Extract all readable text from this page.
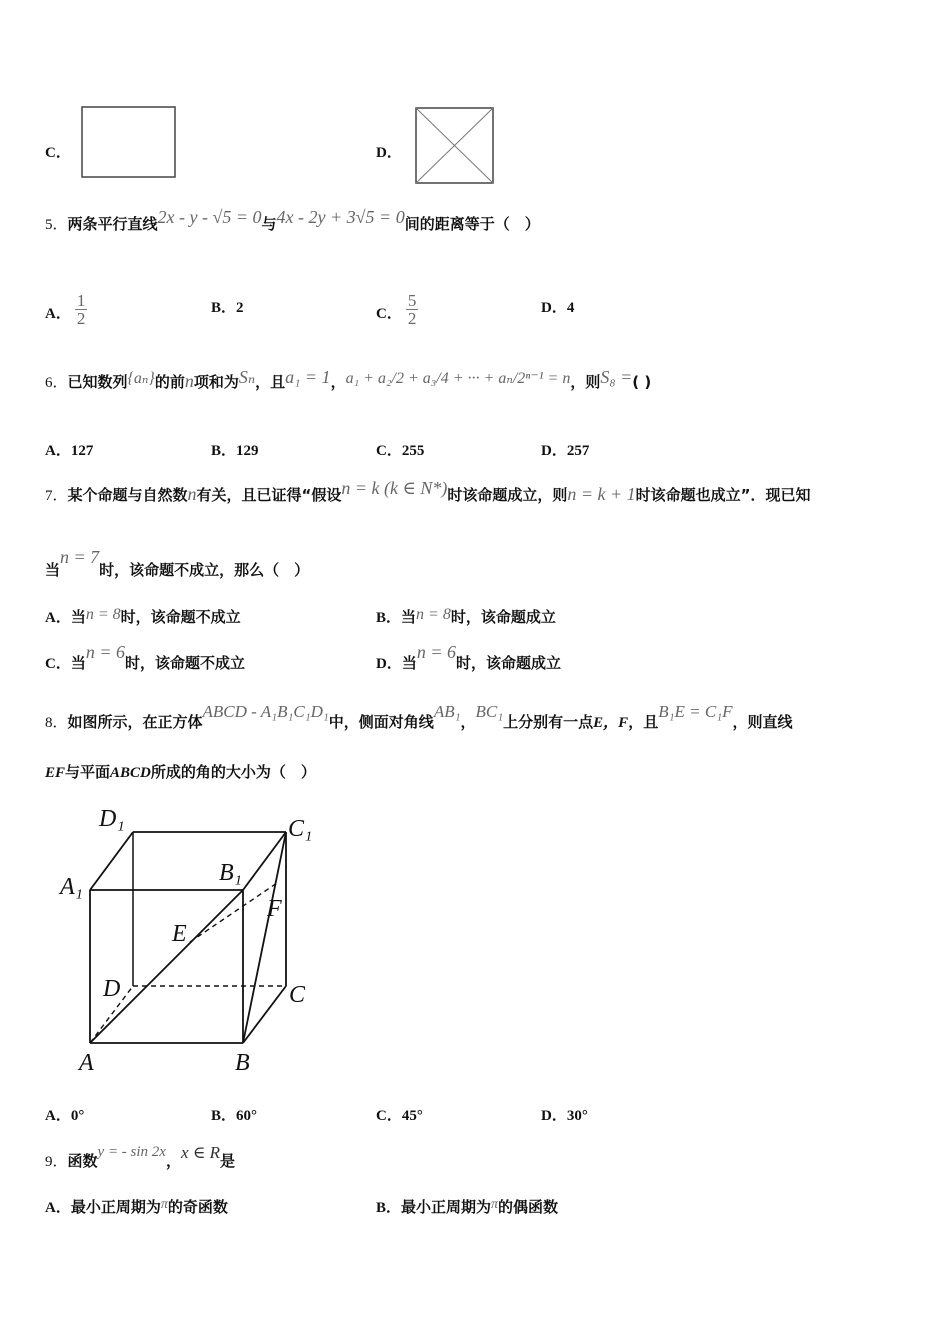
C．	D．
5．两条平行直线2x - y - √5 = 0与4x - 2y + 3√5 = 0间的距离等于（　）
A． $\frac{1}{2}$	B．2	C． $\frac{5}{2}$	D．4
6．已知数列{aₙ}的前n项和为Sₙ，且a₁ = 1，a₁ + a₂/2 + a₃/4 + ··· + aₙ/2ⁿ⁻¹ = n，则S₈ =( )
A．127	B．129	C．255	D．257
7．某个命题与自然数n有关，且已证得“假设n = k (k ∈ N*)时该命题成立，则n = k + 1时该命题也成立”．现已知
当n = 7时，该命题不成立，那么（　）
A．当n = 8时，该命题不成立	B．当n = 8时，该命题成立
C．当n = 6时，该命题不成立	D．当n = 6时，该命题成立
8．如图所示，在正方体ABCD - A₁B₁C₁D₁中，侧面对角线AB₁，BC₁上分别有一点E，F，且B₁E = C₁F，则直线
EF与平面ABCD所成的角的大小为（　）
D₁	C₁
A₁
B₁
E
F
D	C
A	B
A．0°	B．60°	C．45°	D．30°
9．函数y = - sin 2x，x ∈ R是
A．最小正周期为π的奇函数	B．最小正周期为π的偶函数
